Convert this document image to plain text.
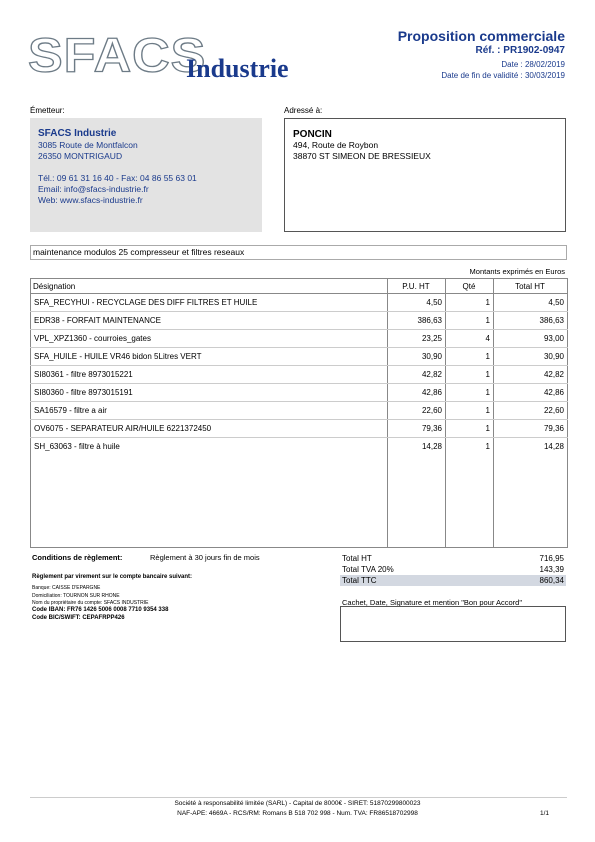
SFACS
Industrie
Proposition commerciale
Réf. : PR1902-0947
Date : 28/02/2019
Date de fin de validité : 30/03/2019
Émetteur:
SFACS Industrie
3085 Route de Montfalcon
26350 MONTRIGAUD
Tél.: 09 61 31 16 40 - Fax: 04 86 55 63 01
Email: info@sfacs-industrie.fr
Web: www.sfacs-industrie.fr
Adressé à:
PONCIN
494, Route de Roybon
38870 ST SIMEON DE BRESSIEUX
maintenance modulos 25 compresseur et filtres reseaux
Montants exprimés en Euros
Désignation	P.U. HT	Qté	Total HT
SFA_RECYHUI - RECYCLAGE DES DIFF FILTRES ET HUILE	4,50	1	4,50
EDR38 - FORFAIT MAINTENANCE	386,63	1	386,63
VPL_XPZ1360 - courroies_gates	23,25	4	93,00
SFA_HUILE - HUILE VR46 bidon 5Litres VERT	30,90	1	30,90
SI80361 - filtre 8973015221	42,82	1	42,82
SI80360 - filtre 8973015191	42,86	1	42,86
SA16579 - filtre a air	22,60	1	22,60
OV6075 - SEPARATEUR AIR/HUILE 6221372450	79,36	1	79,36
SH_63063 - filtre à huile	14,28	1	14,28

Conditions de règlement:	Règlement à 30 jours fin de mois
Règlement par virement sur le compte bancaire suivant:
Banque: CAISSE D'EPARGNE
Domiciliation: TOURNON SUR RHONE
Nom du propriétaire du compte: SFACS INDUSTRIE
Code IBAN: FR76 1426 5006 0008 7710 9354 338
Code BIC/SWIFT: CEPAFRPP426
Total HT	716,95
Total TVA 20%	143,39
Total TTC	860,34
Cachet, Date, Signature et mention "Bon pour Accord"
Société à responsabilité limitée (SARL) - Capital de 8000€ - SIRET: 51870299800023
NAF-APE: 4669A - RCS/RM: Romans B 518 702 998 - Num. TVA: FR86518702998	1/1
